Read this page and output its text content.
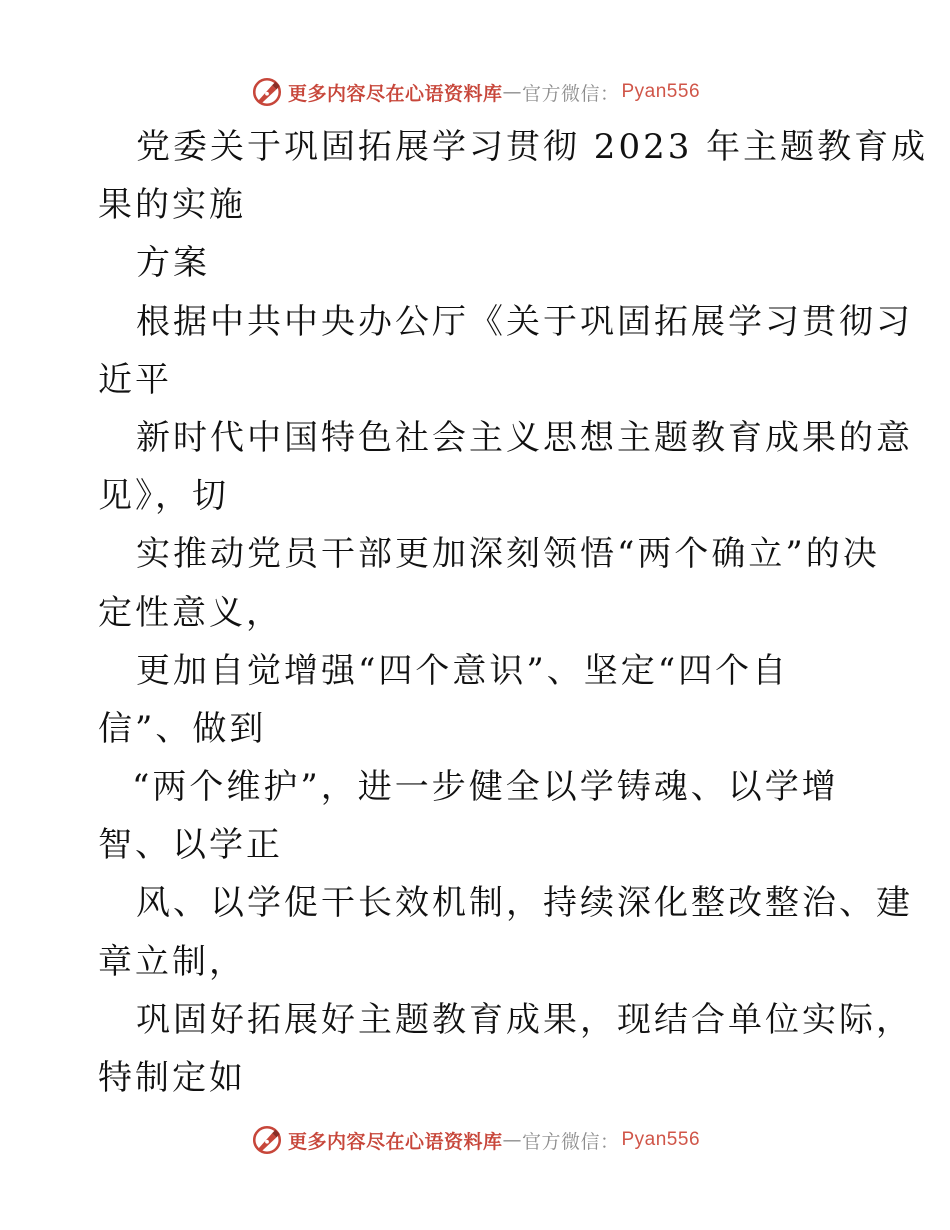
更多内容尽在心语资料库 — 官方微信： Pyan556
党委关于巩固拓展学习贯彻 2023 年主题教育成
果的实施
方案
根据中共中央办公厅《关于巩固拓展学习贯彻习
近平
新时代中国特色社会主义思想主题教育成果的意
见》，切
实推动党员干部更加深刻领悟“两个确立”的决
定性意义，
更加自觉增强“四个意识”、坚定“四个自
信”、做到
“两个维护”，进一步健全以学铸魂、以学增
智、以学正
风、以学促干长效机制，持续深化整改整治、建
章立制，
巩固好拓展好主题教育成果，现结合单位实际，
特制定如
更多内容尽在心语资料库 — 官方微信： Pyan556
